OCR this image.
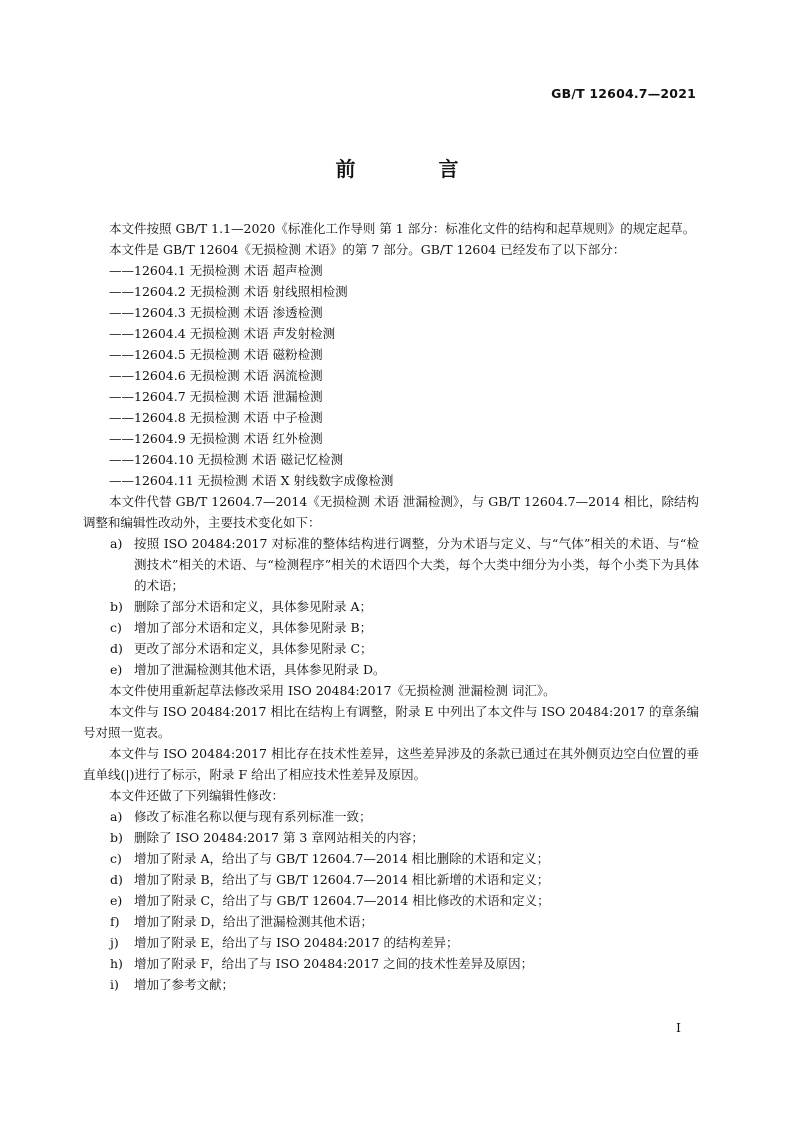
GB/T 12604.7—2021
前 言

本文件按照 GB/T 1.1—2020《标准化工作导则 第 1 部分：标准化文件的结构和起草规则》的规定起草。

本文件是 GB/T 12604《无损检测 术语》的第 7 部分。GB/T 12604 已经发布了以下部分：

——12604.1 无损检测 术语 超声检测

——12604.2 无损检测 术语 射线照相检测

——12604.3 无损检测 术语 渗透检测

——12604.4 无损检测 术语 声发射检测

——12604.5 无损检测 术语 磁粉检测

——12604.6 无损检测 术语 涡流检测

——12604.7 无损检测 术语 泄漏检测

——12604.8 无损检测 术语 中子检测

——12604.9 无损检测 术语 红外检测

——12604.10 无损检测 术语 磁记忆检测

——12604.11 无损检测 术语 X 射线数字成像检测

本文件代替 GB/T 12604.7—2014《无损检测 术语 泄漏检测》，与 GB/T 12604.7—2014 相比，除结构调整和编辑性改动外，主要技术变化如下：

a) 按照 ISO 20484:2017 对标准的整体结构进行调整，分为术语与定义、与“气体”相关的术语、与“检测技术”相关的术语、与“检测程序”相关的术语四个大类，每个大类中细分为小类，每个小类下为具体的术语；
b) 删除了部分术语和定义，具体参见附录 A；
c) 增加了部分术语和定义，具体参见附录 B；
d) 更改了部分术语和定义，具体参见附录 C；
e) 增加了泄漏检测其他术语，具体参见附录 D。

本文件使用重新起草法修改采用 ISO 20484:2017《无损检测 泄漏检测 词汇》。

本文件与 ISO 20484:2017 相比在结构上有调整，附录 E 中列出了本文件与 ISO 20484:2017 的章条编号对照一览表。

本文件与 ISO 20484:2017 相比存在技术性差异，这些差异涉及的条款已通过在其外侧页边空白位置的垂直单线(|)进行了标示，附录 F 给出了相应技术性差异及原因。

本文件还做了下列编辑性修改：

a) 修改了标准名称以便与现有系列标准一致；
b) 删除了 ISO 20484:2017 第 3 章网站相关的内容；
c) 增加了附录 A，给出了与 GB/T 12604.7—2014 相比删除的术语和定义；
d) 增加了附录 B，给出了与 GB/T 12604.7—2014 相比新增的术语和定义；
e) 增加了附录 C，给出了与 GB/T 12604.7—2014 相比修改的术语和定义；
f)	增加了附录 D，给出了泄漏检测其他术语；
j)	增加了附录 E，给出了与 ISO 20484:2017 的结构差异；
h) 增加了附录 F，给出了与 ISO 20484:2017 之间的技术性差异及原因；
i)	增加了参考文献；
I
